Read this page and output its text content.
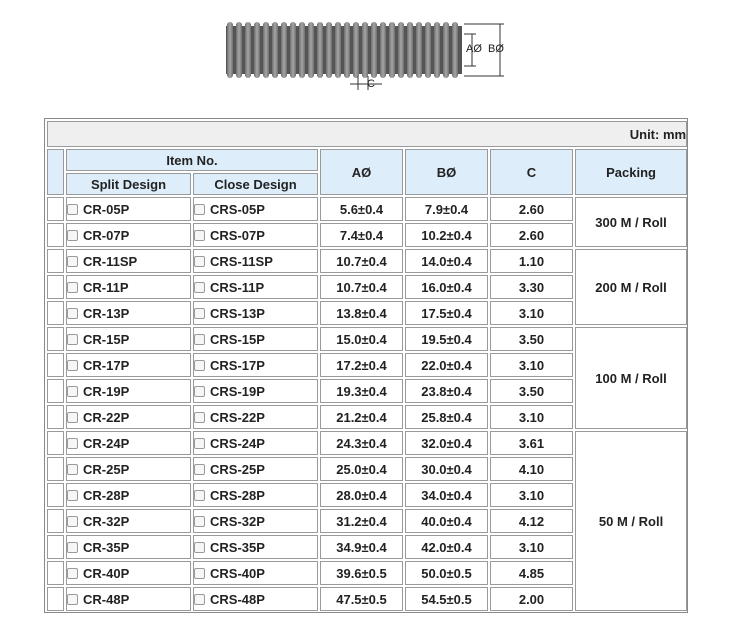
AØ BØ
C
Unit: mm						
	Item No.		AØ	BØ	C	Packing
	Split Design	Close Design				
	CR-05P	CRS-05P	5.6±0.4	7.9±0.4	2.60	300 M / Roll
	CR-07P	CRS-07P	7.4±0.4	10.2±0.4	2.60	
	CR-11SP	CRS-11SP	10.7±0.4	14.0±0.4	1.10	200 M / Roll
	CR-11P	CRS-11P	10.7±0.4	16.0±0.4	3.30	
	CR-13P	CRS-13P	13.8±0.4	17.5±0.4	3.10	
	CR-15P	CRS-15P	15.0±0.4	19.5±0.4	3.50	100 M / Roll
	CR-17P	CRS-17P	17.2±0.4	22.0±0.4	3.10	
	CR-19P	CRS-19P	19.3±0.4	23.8±0.4	3.50	
	CR-22P	CRS-22P	21.2±0.4	25.8±0.4	3.10	
	CR-24P	CRS-24P	24.3±0.4	32.0±0.4	3.61	50 M / Roll
	CR-25P	CRS-25P	25.0±0.4	30.0±0.4	4.10	
	CR-28P	CRS-28P	28.0±0.4	34.0±0.4	3.10	
	CR-32P	CRS-32P	31.2±0.4	40.0±0.4	4.12	
	CR-35P	CRS-35P	34.9±0.4	42.0±0.4	3.10	
	CR-40P	CRS-40P	39.6±0.5	50.0±0.5	4.85	
	CR-48P	CRS-48P	47.5±0.5	54.5±0.5	2.00	
